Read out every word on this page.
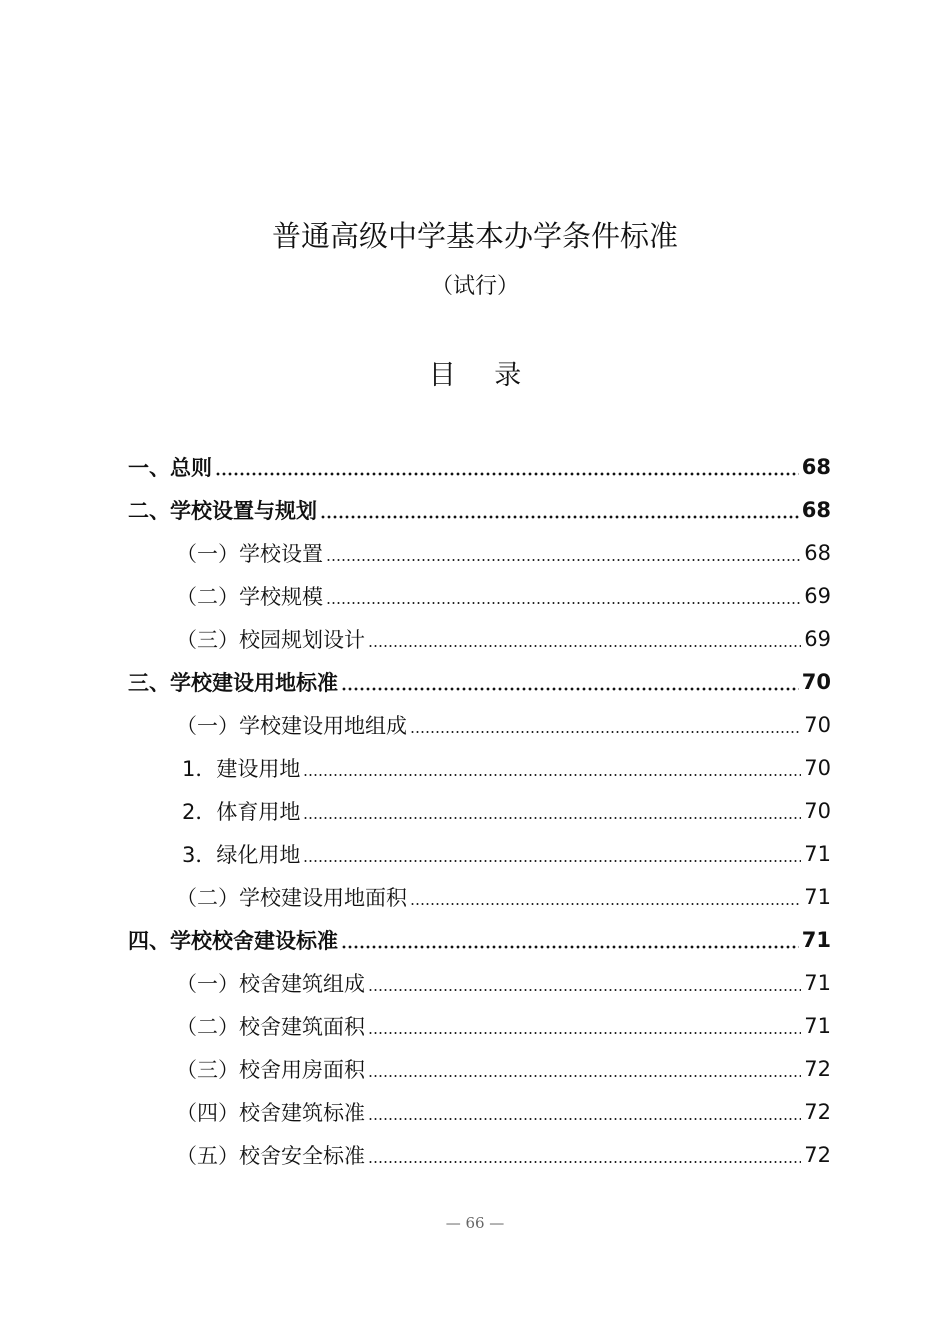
普通高级中学基本办学条件标准
（试行）
目 录
一、总则	68
二、学校设置与规划	68
（一）学校设置	68
（二）学校规模	69
（三）校园规划设计	69
三、学校建设用地标准	70
（一）学校建设用地组成	70
1．建设用地	70
2．体育用地	70
3．绿化用地	71
（二）学校建设用地面积	71
四、学校校舍建设标准	71
（一）校舍建筑组成	71
（二）校舍建筑面积	71
（三）校舍用房面积	72
（四）校舍建筑标准	72
（五）校舍安全标准	72
— 66 —
